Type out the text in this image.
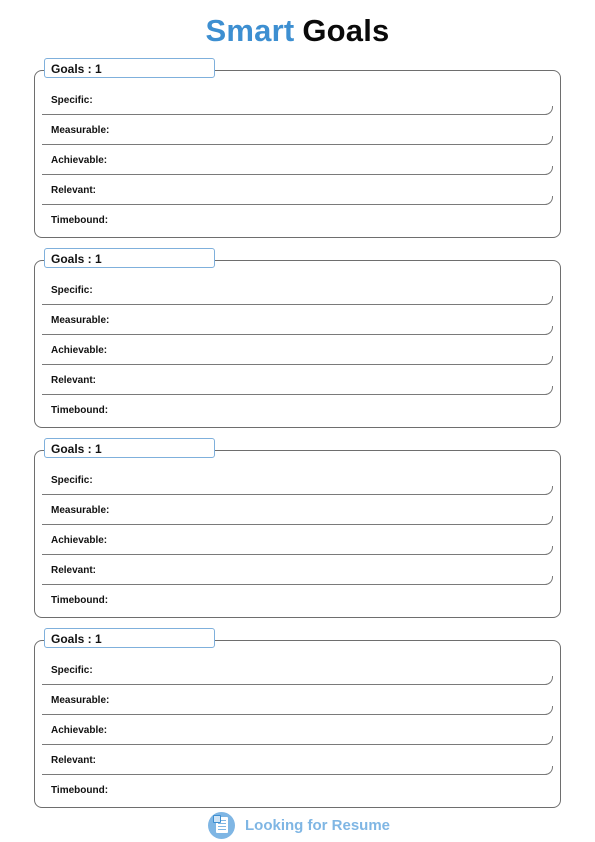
Smart Goals
Goals : 1
Specific:
Measurable:
Achievable:
Relevant:
Timebound:
Goals : 1
Specific:
Measurable:
Achievable:
Relevant:
Timebound:
Goals : 1
Specific:
Measurable:
Achievable:
Relevant:
Timebound:
Goals : 1
Specific:
Measurable:
Achievable:
Relevant:
Timebound:
Looking for Resume
